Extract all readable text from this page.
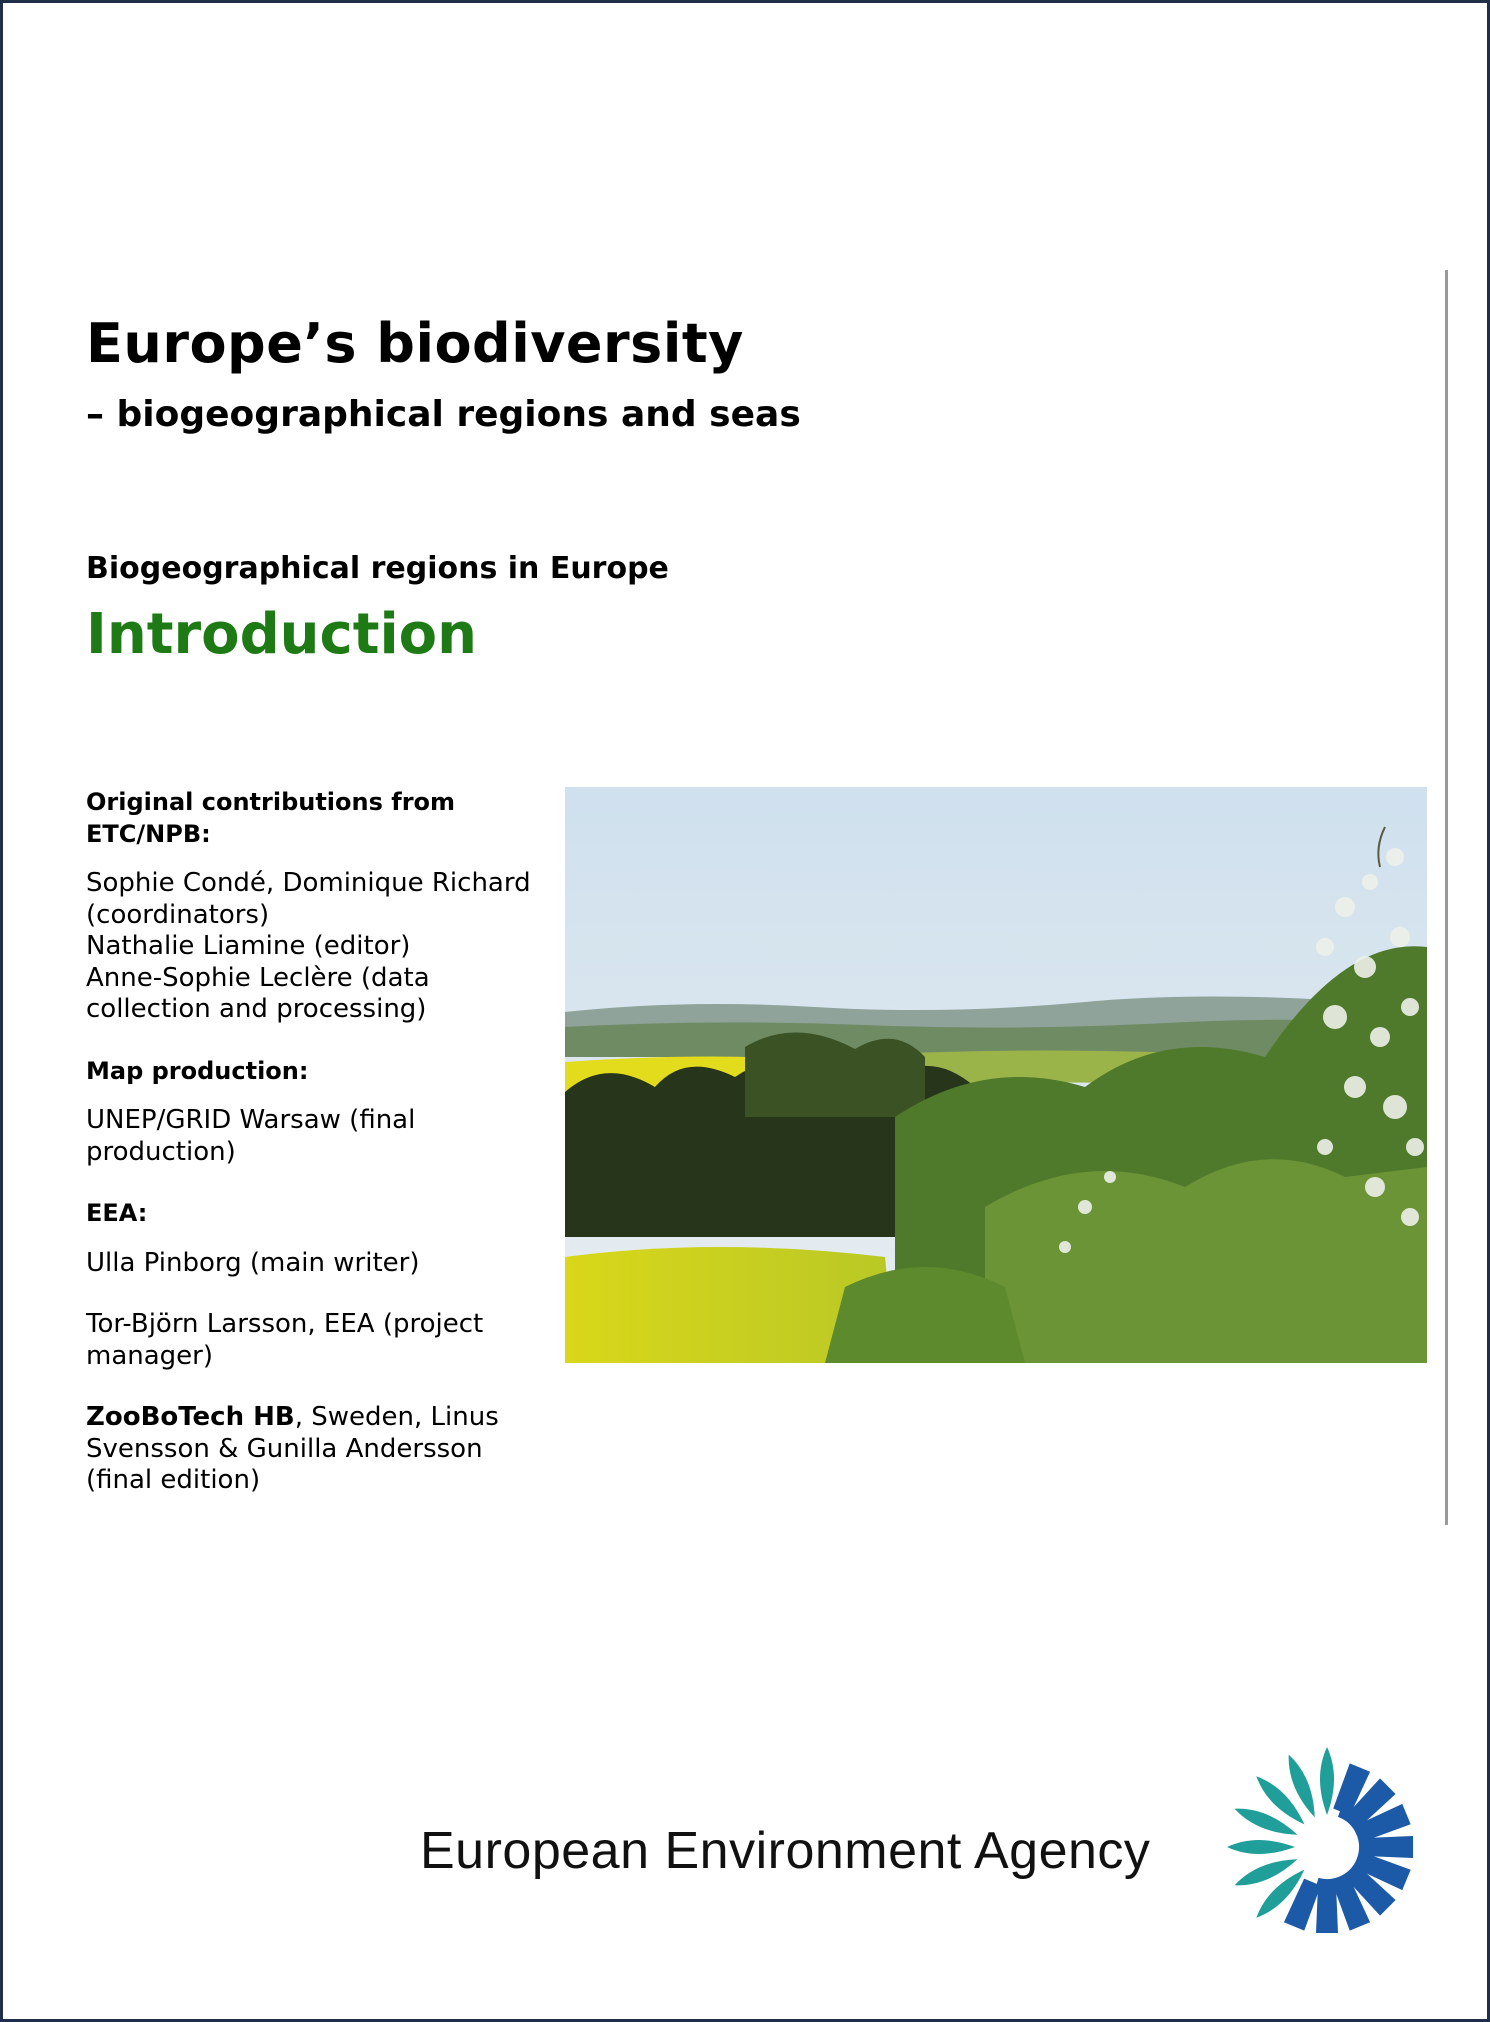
Europe’s biodiversity
– biogeographical regions and seas
Biogeographical regions in Europe
Introduction

Original contributions from

ETC/NPB:

Sophie Condé, Dominique Richard

(coordinators)

Nathalie Liamine (editor)

Anne-Sophie Leclère (data

collection and processing)

Map production:

UNEP/GRID Warsaw (final

production)

EEA:

Ulla Pinborg (main writer)

Tor-Björn Larsson, EEA (project

manager)

ZooBoTech HB, Sweden, Linus

Svensson & Gunilla Andersson

(final edition)

European Environment Agency
